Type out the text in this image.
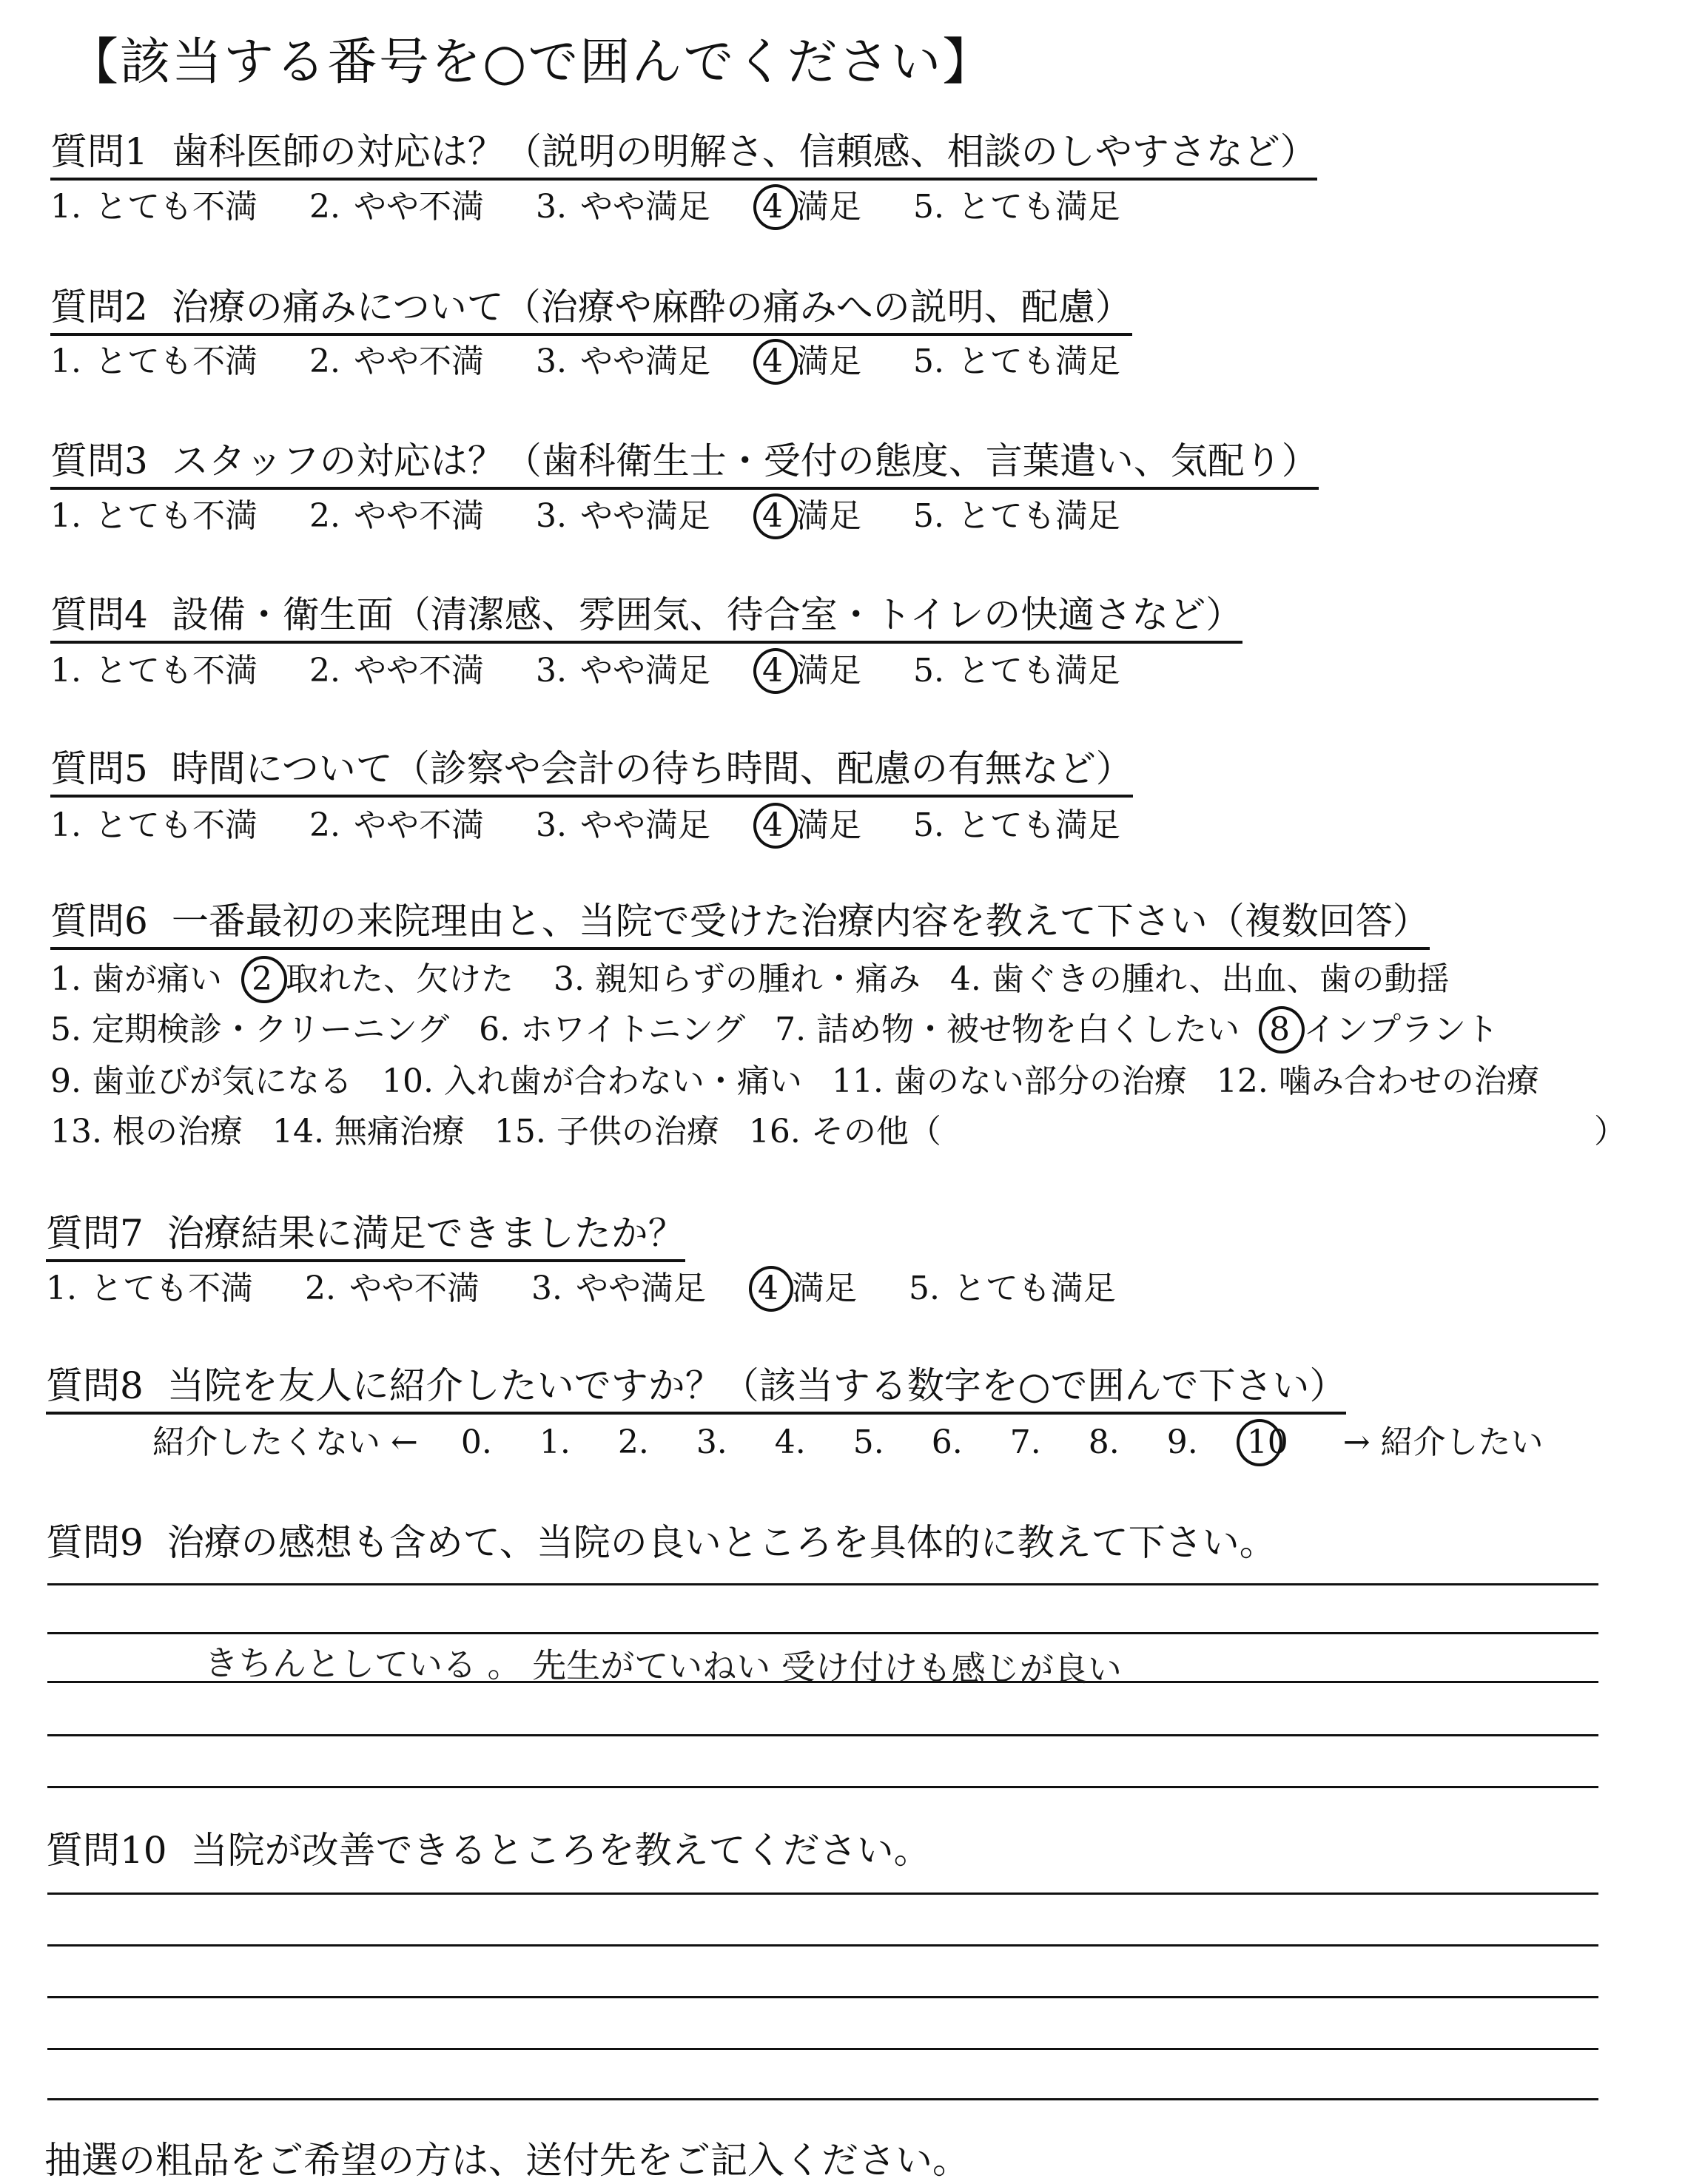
【該当する番号を○で囲んでください】
質問1 歯科医師の対応は？（説明の明解さ、信頼感、相談のしやすさなど）
1. とても不満 2. やや不満 3. やや満足 4 満足 5. とても満足
質問2 治療の痛みについて（治療や麻酔の痛みへの説明、配慮）
1. とても不満 2. やや不満 3. やや満足 4 満足 5. とても満足
質問3 スタッフの対応は？（歯科衛生士・受付の態度、言葉遣い、気配り）
1. とても不満 2. やや不満 3. やや満足 4 満足 5. とても満足
質問4 設備・衛生面（清潔感、雰囲気、待合室・トイレの快適さなど）
1. とても不満 2. やや不満 3. やや満足 4 満足 5. とても満足
質問5 時間について（診察や会計の待ち時間、配慮の有無など）
1. とても不満 2. やや不満 3. やや満足 4 満足 5. とても満足
質問6 一番最初の来院理由と、当院で受けた治療内容を教えて下さい（複数回答）
1. 歯が痛い 2 取れた、欠けた 3. 親知らずの腫れ・痛み 4. 歯ぐきの腫れ、出血、歯の動揺
5. 定期検診・クリーニング 6. ホワイトニング 7. 詰め物・被せ物を白くしたい 8 インプラント
9. 歯並びが気になる 10. 入れ歯が合わない・痛い 11. 歯のない部分の治療 12. 噛み合わせの治療
13. 根の治療 14. 無痛治療 15. 子供の治療 16. その他（	）
質問7 治療結果に満足できましたか？
1. とても不満 2. やや不満 3. やや満足 4 満足 5. とても満足
質問8 当院を友人に紹介したいですか？（該当する数字を○で囲んで下さい）
紹介したくない ← 0. 1. 2. 3. 4. 5. 6. 7. 8. 9. 10 → 紹介したい
質問9 治療の感想も含めて、当院の良いところを具体的に教えて下さい。
きちんとしている 。 先生がていねい 受け付けも感じが良い
質問10 当院が改善できるところを教えてください。
抽選の粗品をご希望の方は、送付先をご記入ください。
